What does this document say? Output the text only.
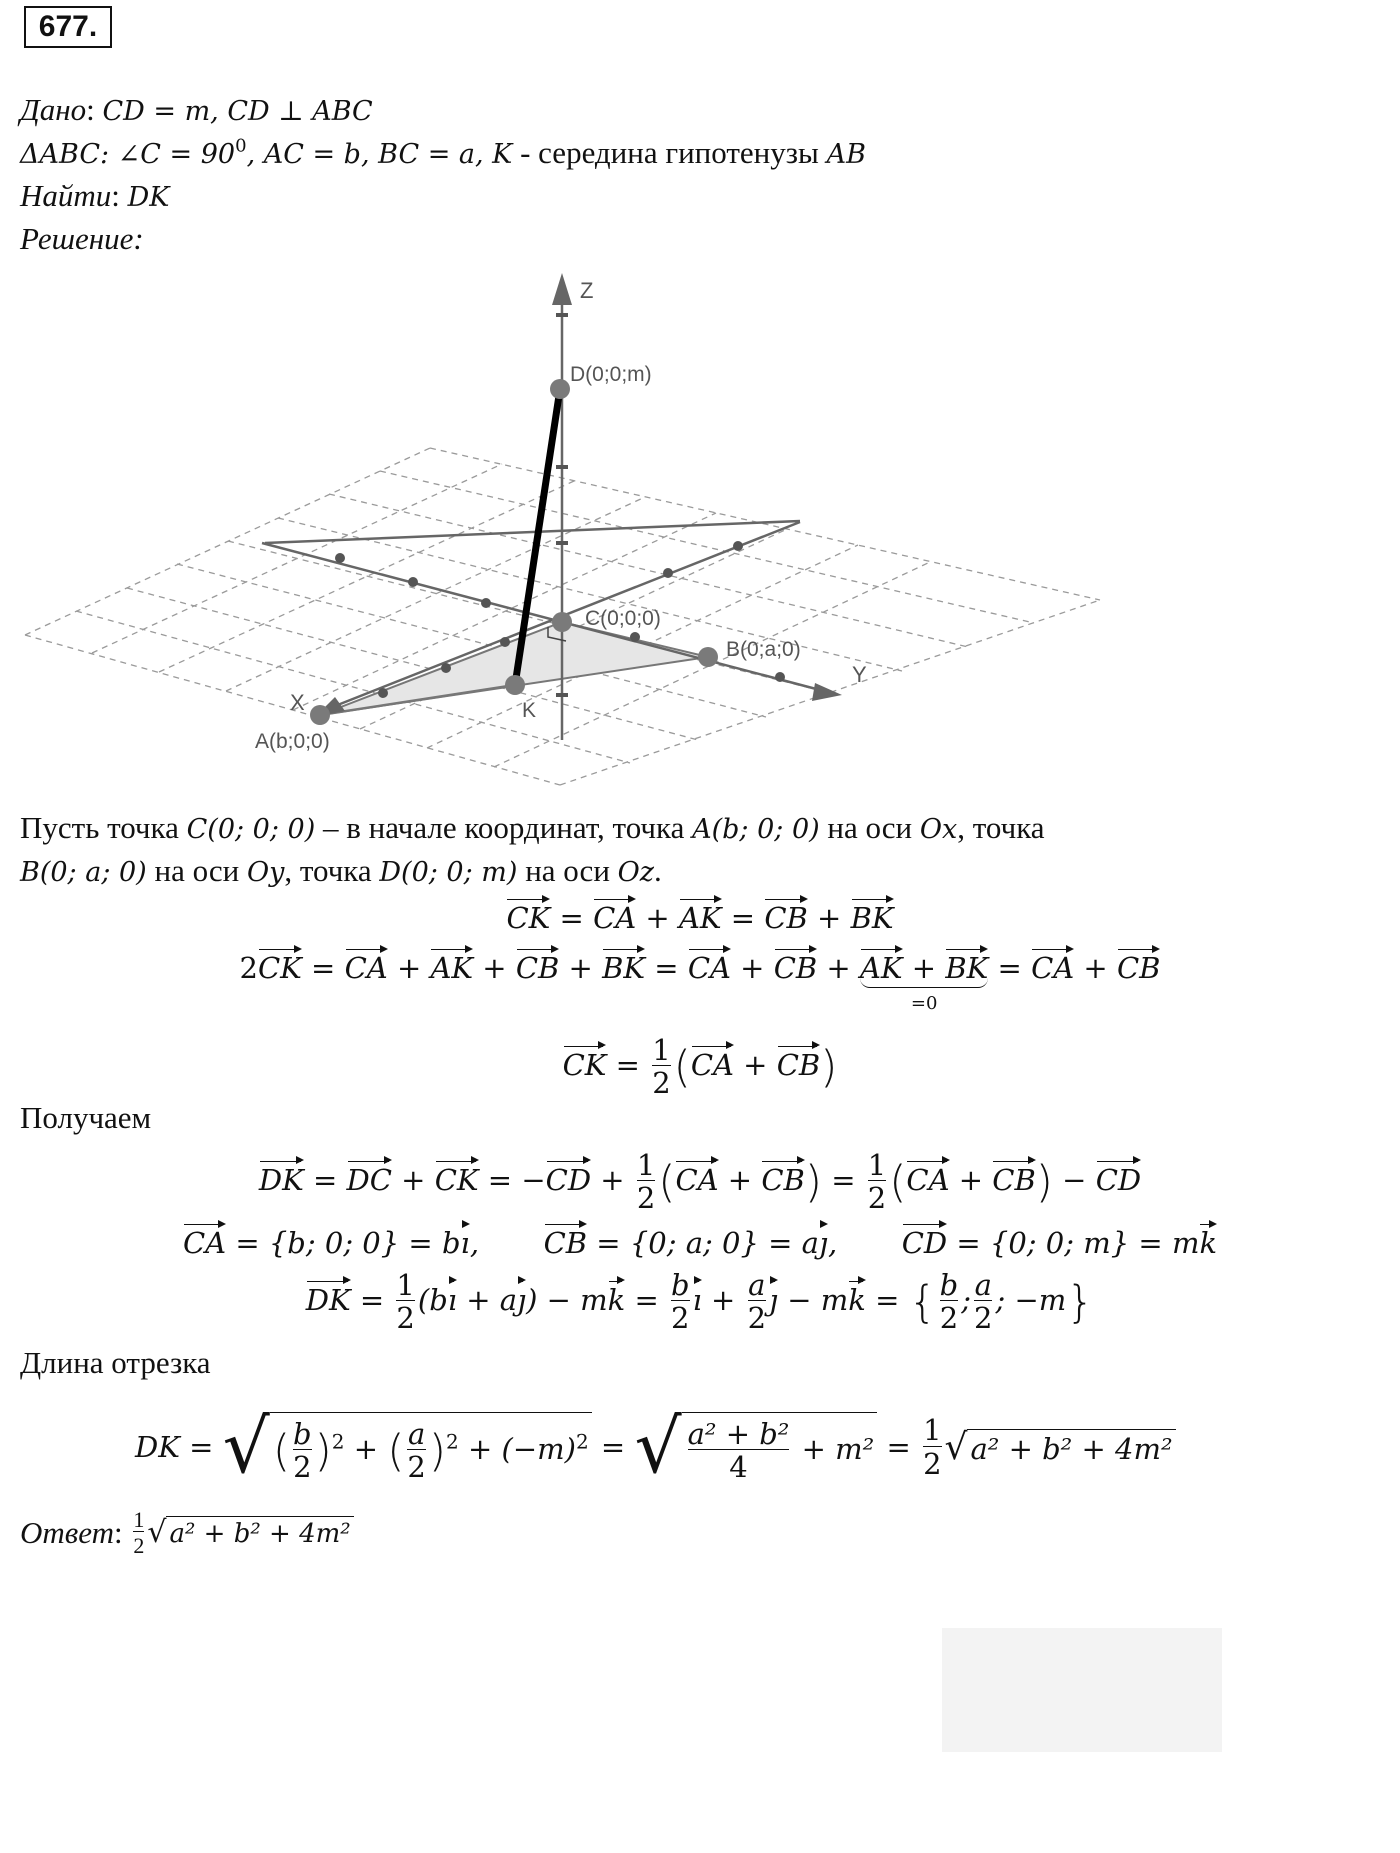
677.
Дано: CD = m, CD ⊥ ABC
ΔABC: ∠C = $90^0$, AC = b, BC = a, K - середина гипотенузы AB
Найти: DK
Решение:
Z
X
Y
D(0;0;m)
C(0;0;0)
B(0;a;0)
A(b;0;0)
K
Пусть точка C(0; 0; 0) – в начале координат, точка A(b; 0; 0) на оси Ox, точка
B(0; a; 0) на оси Oy, точка D(0; 0; m) на оси Oz.
CK = CA + AK = CB + BK
2CK = CA + AK + CB + BK = CA + CB + AK + BK
=0
= CA + CB
CK = $\frac{1}{2} (CA + CB)$
Получаем
DK = DC + CK = $-CD + \frac{1}{2} (CA + CB) = \frac{1}{2} (CA + CB)$ − CD
CA = {b; 0; 0} = bı,       CB = {0; a; 0} = aȷ,       CD = {0; 0; m} = mk
DK = $\frac{1}{2}$ (bı + aȷ) − mk = $\frac{b}{2}$ ı + $\frac{a}{2}$ ȷ − mk = { $\frac{b}{2}$ ; $\frac{a}{2}$ ; −m}
Длина отрезка
DK = √ ( $\frac{b}{2} )^2$ + ( $\frac{a}{2} )^2 + (-m)^2$ = √ $\frac{\text{a² + b²}}{4} + m^2 = \frac{1}{2}$ √ a² + b² + 4m²
Ответ : $\frac{1}{2}$ √ a² + b² + 4m²
